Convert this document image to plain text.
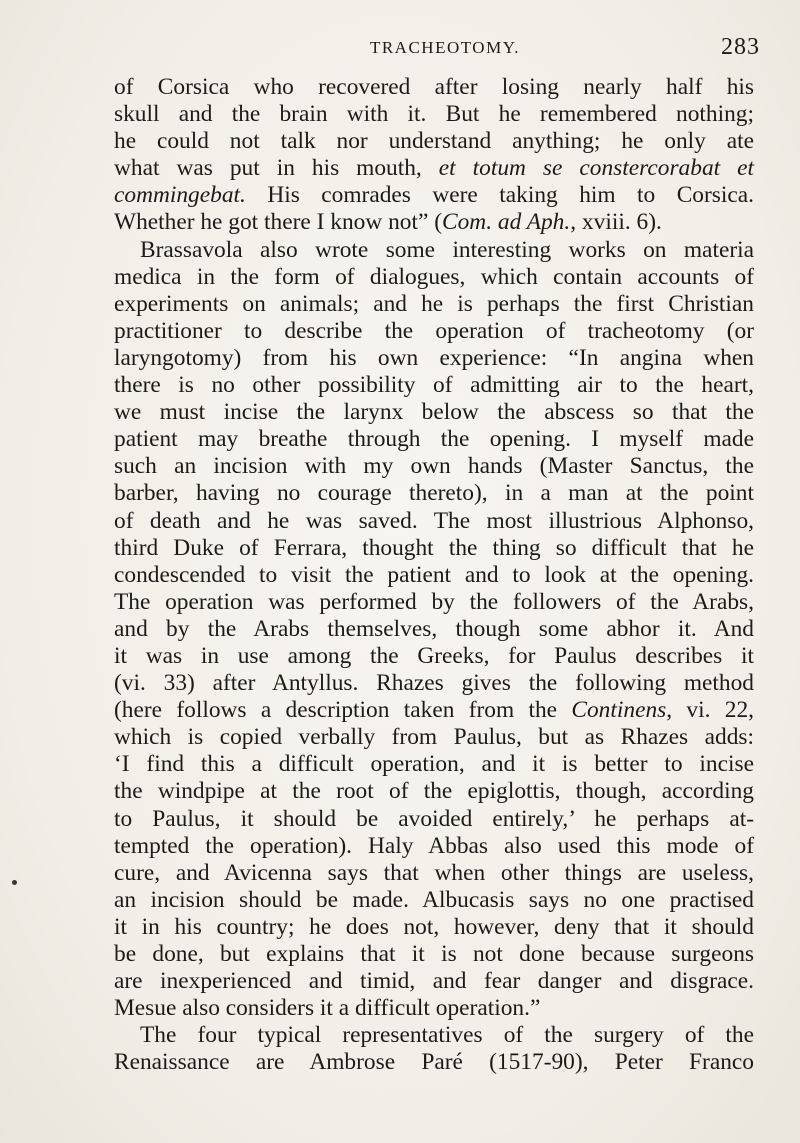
TRACHEOTOMY.	283
of Corsica who recovered after losing nearly half his
skull and the brain with it. But he remembered nothing;
he could not talk nor understand anything; he only ate
what was put in his mouth, et totum se constercorabat et
commingebat. His comrades were taking him to Corsica.
Whether he got there I know not” (Com. ad Aph., xviii. 6).
Brassavola also wrote some interesting works on materia
medica in the form of dialogues, which contain accounts of
experiments on animals; and he is perhaps the first Christian
practitioner to describe the operation of tracheotomy (or
laryngotomy) from his own experience: “In angina when
there is no other possibility of admitting air to the heart,
we must incise the larynx below the abscess so that the
patient may breathe through the opening. I myself made
such an incision with my own hands (Master Sanctus, the
barber, having no courage thereto), in a man at the point
of death and he was saved. The most illustrious Alphonso,
third Duke of Ferrara, thought the thing so difficult that he
condescended to visit the patient and to look at the opening.
The operation was performed by the followers of the Arabs,
and by the Arabs themselves, though some abhor it. And
it was in use among the Greeks, for Paulus describes it
(vi. 33) after Antyllus. Rhazes gives the following method
(here follows a description taken from the Continens, vi. 22,
which is copied verbally from Paulus, but as Rhazes adds:
‘I find this a difficult operation, and it is better to incise
the windpipe at the root of the epiglottis, though, according
to Paulus, it should be avoided entirely,’ he perhaps at-
tempted the operation). Haly Abbas also used this mode of
cure, and Avicenna says that when other things are useless,
an incision should be made. Albucasis says no one practised
it in his country; he does not, however, deny that it should
be done, but explains that it is not done because surgeons
are inexperienced and timid, and fear danger and disgrace.
Mesue also considers it a difficult operation.”
The four typical representatives of the surgery of the
Renaissance are Ambrose Paré (1517-90), Peter Franco
